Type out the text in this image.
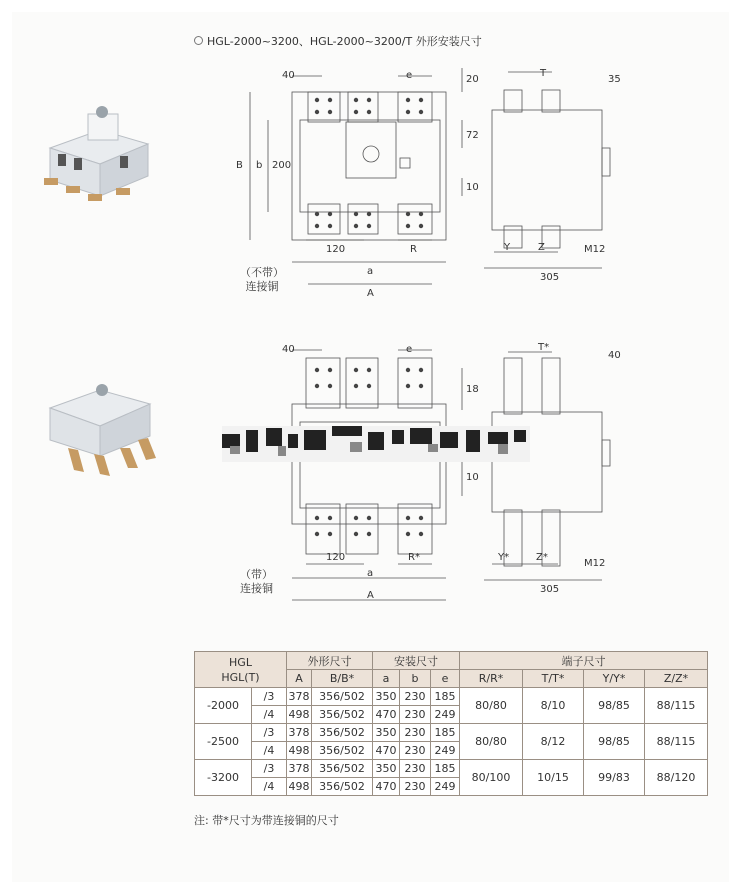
HGL-2000~3200、HGL-2000~3200/T 外形安装尺寸
40	e	20
72
10
B b 200
120	R
a
A
T
35
Y	Z	M12
305
（不带）
连接铜
40	e
18
10
120	R*
a
A
T*
40
Y*	Z*
M12
305
（带）
连接铜
HGL
HGL(T)		外形尺寸		安装尺寸			端子尺寸			
		A	B/B*	a	b	e	R/R*	T/T*	Y/Y*	Z/Z*
-2000	/3	378	356/502	350	230	185	80/80	8/10	98/85	88/115
	/4	498	356/502	470	230	249				
-2500	/3	378	356/502	350	230	185	80/80	8/12	98/85	88/115
	/4	498	356/502	470	230	249				
-3200	/3	378	356/502	350	230	185	80/100	10/15	99/83	88/120
	/4	498	356/502	470	230	249				
注: 带*尺寸为带连接铜的尺寸
